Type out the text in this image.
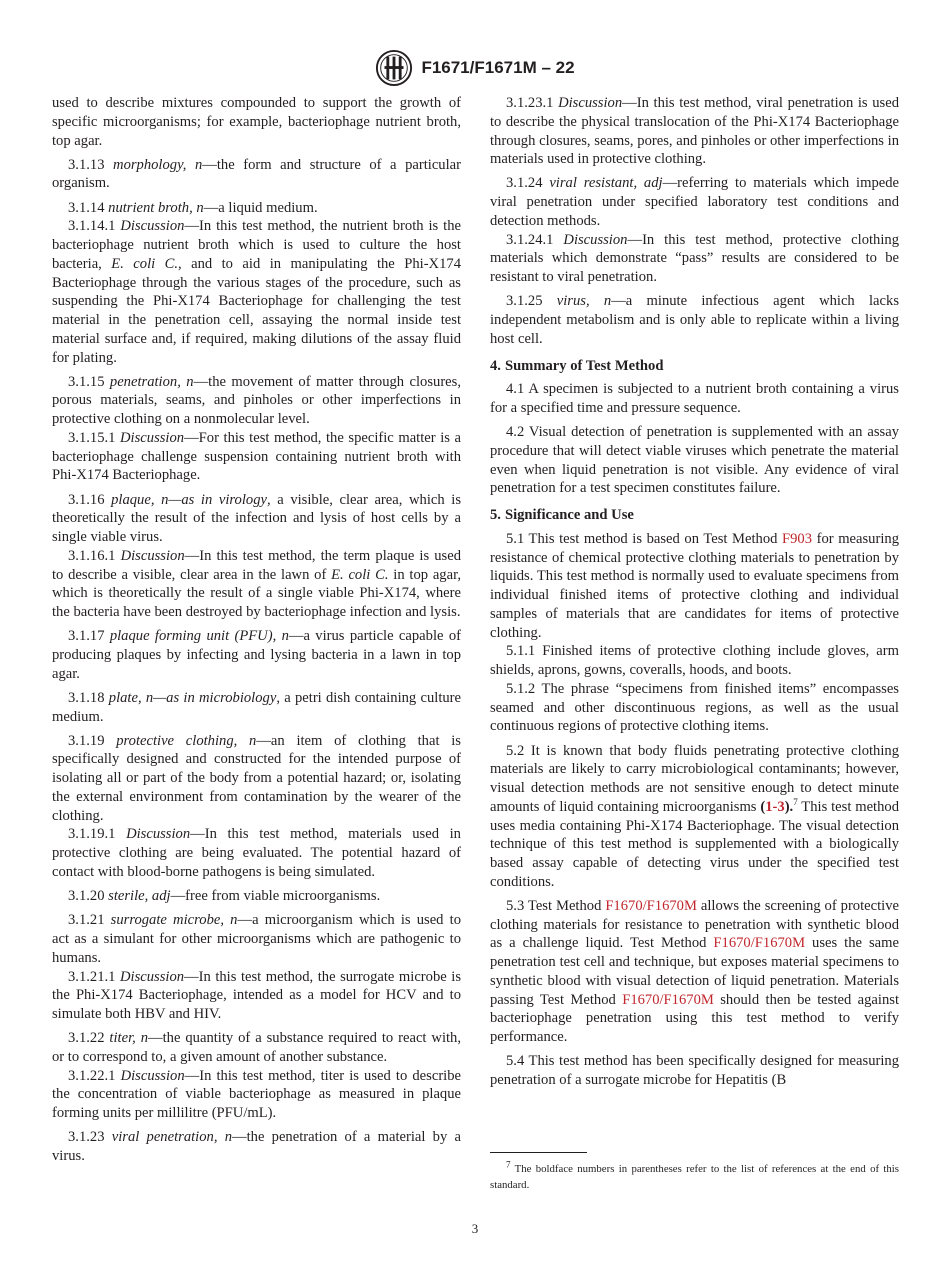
F1671/F1671M – 22

used to describe mixtures compounded to support the growth of specific microorganisms; for example, bacteriophage nutrient broth, top agar.

3.1.13 morphology, n—the form and structure of a particular organism.

3.1.14 nutrient broth, n—a liquid medium.

3.1.14.1 Discussion—In this test method, the nutrient broth is the bacteriophage nutrient broth which is used to culture the host bacteria, E. coli C., and to aid in manipulating the Phi-X174 Bacteriophage through the various stages of the procedure, such as suspending the Phi-X174 Bacteriophage for challenging the test material in the penetration cell, assaying the normal inside test material surface and, if required, making dilutions of the assay fluid for plating.

3.1.15 penetration, n—the movement of matter through closures, porous materials, seams, and pinholes or other imperfections in protective clothing on a nonmolecular level.

3.1.15.1 Discussion—For this test method, the specific matter is a bacteriophage challenge suspension containing nutrient broth with Phi-X174 Bacteriophage.

3.1.16 plaque, n—as in virology, a visible, clear area, which is theoretically the result of the infection and lysis of host cells by a single viable virus.

3.1.16.1 Discussion—In this test method, the term plaque is used to describe a visible, clear area in the lawn of E. coli C. in top agar, which is theoretically the result of a single viable Phi-X174, where the bacteria have been destroyed by bacteriophage infection and lysis.

3.1.17 plaque forming unit (PFU), n—a virus particle capable of producing plaques by infecting and lysing bacteria in a lawn in top agar.

3.1.18 plate, n—as in microbiology, a petri dish containing culture medium.

3.1.19 protective clothing, n—an item of clothing that is specifically designed and constructed for the intended purpose of isolating all or part of the body from a potential hazard; or, isolating the external environment from contamination by the wearer of the clothing.

3.1.19.1 Discussion—In this test method, materials used in protective clothing are being evaluated. The potential hazard of contact with blood-borne pathogens is being simulated.

3.1.20 sterile, adj—free from viable microorganisms.

3.1.21 surrogate microbe, n—a microorganism which is used to act as a simulant for other microorganisms which are pathogenic to humans.

3.1.21.1 Discussion—In this test method, the surrogate microbe is the Phi-X174 Bacteriophage, intended as a model for HCV and to simulate both HBV and HIV.

3.1.22 titer, n—the quantity of a substance required to react with, or to correspond to, a given amount of another substance.

3.1.22.1 Discussion—In this test method, titer is used to describe the concentration of viable bacteriophage as measured in plaque forming units per millilitre (PFU/mL).

3.1.23 viral penetration, n—the penetration of a material by a virus.

3.1.23.1 Discussion—In this test method, viral penetration is used to describe the physical translocation of the Phi-X174 Bacteriophage through closures, seams, pores, and pinholes or other imperfections in materials used in protective clothing.

3.1.24 viral resistant, adj—referring to materials which impede viral penetration under specified laboratory test conditions and detection methods.

3.1.24.1 Discussion—In this test method, protective clothing materials which demonstrate “pass” results are considered to be resistant to viral penetration.

3.1.25 virus, n—a minute infectious agent which lacks independent metabolism and is only able to replicate within a living host cell.

4. Summary of Test Method

4.1 A specimen is subjected to a nutrient broth containing a virus for a specified time and pressure sequence.

4.2 Visual detection of penetration is supplemented with an assay procedure that will detect viable viruses which penetrate the material even when liquid penetration is not visible. Any evidence of viral penetration for a test specimen constitutes failure.

5. Significance and Use

5.1 This test method is based on Test Method F903 for measuring resistance of chemical protective clothing materials to penetration by liquids. This test method is normally used to evaluate specimens from individual finished items of protective clothing and individual samples of materials that are candidates for items of protective clothing.

5.1.1 Finished items of protective clothing include gloves, arm shields, aprons, gowns, coveralls, hoods, and boots.

5.1.2 The phrase “specimens from finished items” encompasses seamed and other discontinuous regions, as well as the usual continuous regions of protective clothing items.

5.2 It is known that body fluids penetrating protective clothing materials are likely to carry microbiological contaminants; however, visual detection methods are not sensitive enough to detect minute amounts of liquid containing microorganisms (1-3).$^7$ This test method uses media containing Phi-X174 Bacteriophage. The visual detection technique of this test method is supplemented with a biologically based assay capable of detecting virus under the specified test conditions.

5.3 Test Method F1670/F1670M allows the screening of protective clothing materials for resistance to penetration with synthetic blood as a challenge liquid. Test Method F1670/F1670M uses the same penetration test cell and technique, but exposes material specimens to synthetic blood with visual detection of liquid penetration. Materials passing Test Method F1670/F1670M should then be tested against bacteriophage penetration using this test method to verify performance.

5.4 This test method has been specifically designed for measuring penetration of a surrogate microbe for Hepatitis (B

$^7$ The boldface numbers in parentheses refer to the list of references at the end of this standard.
3
